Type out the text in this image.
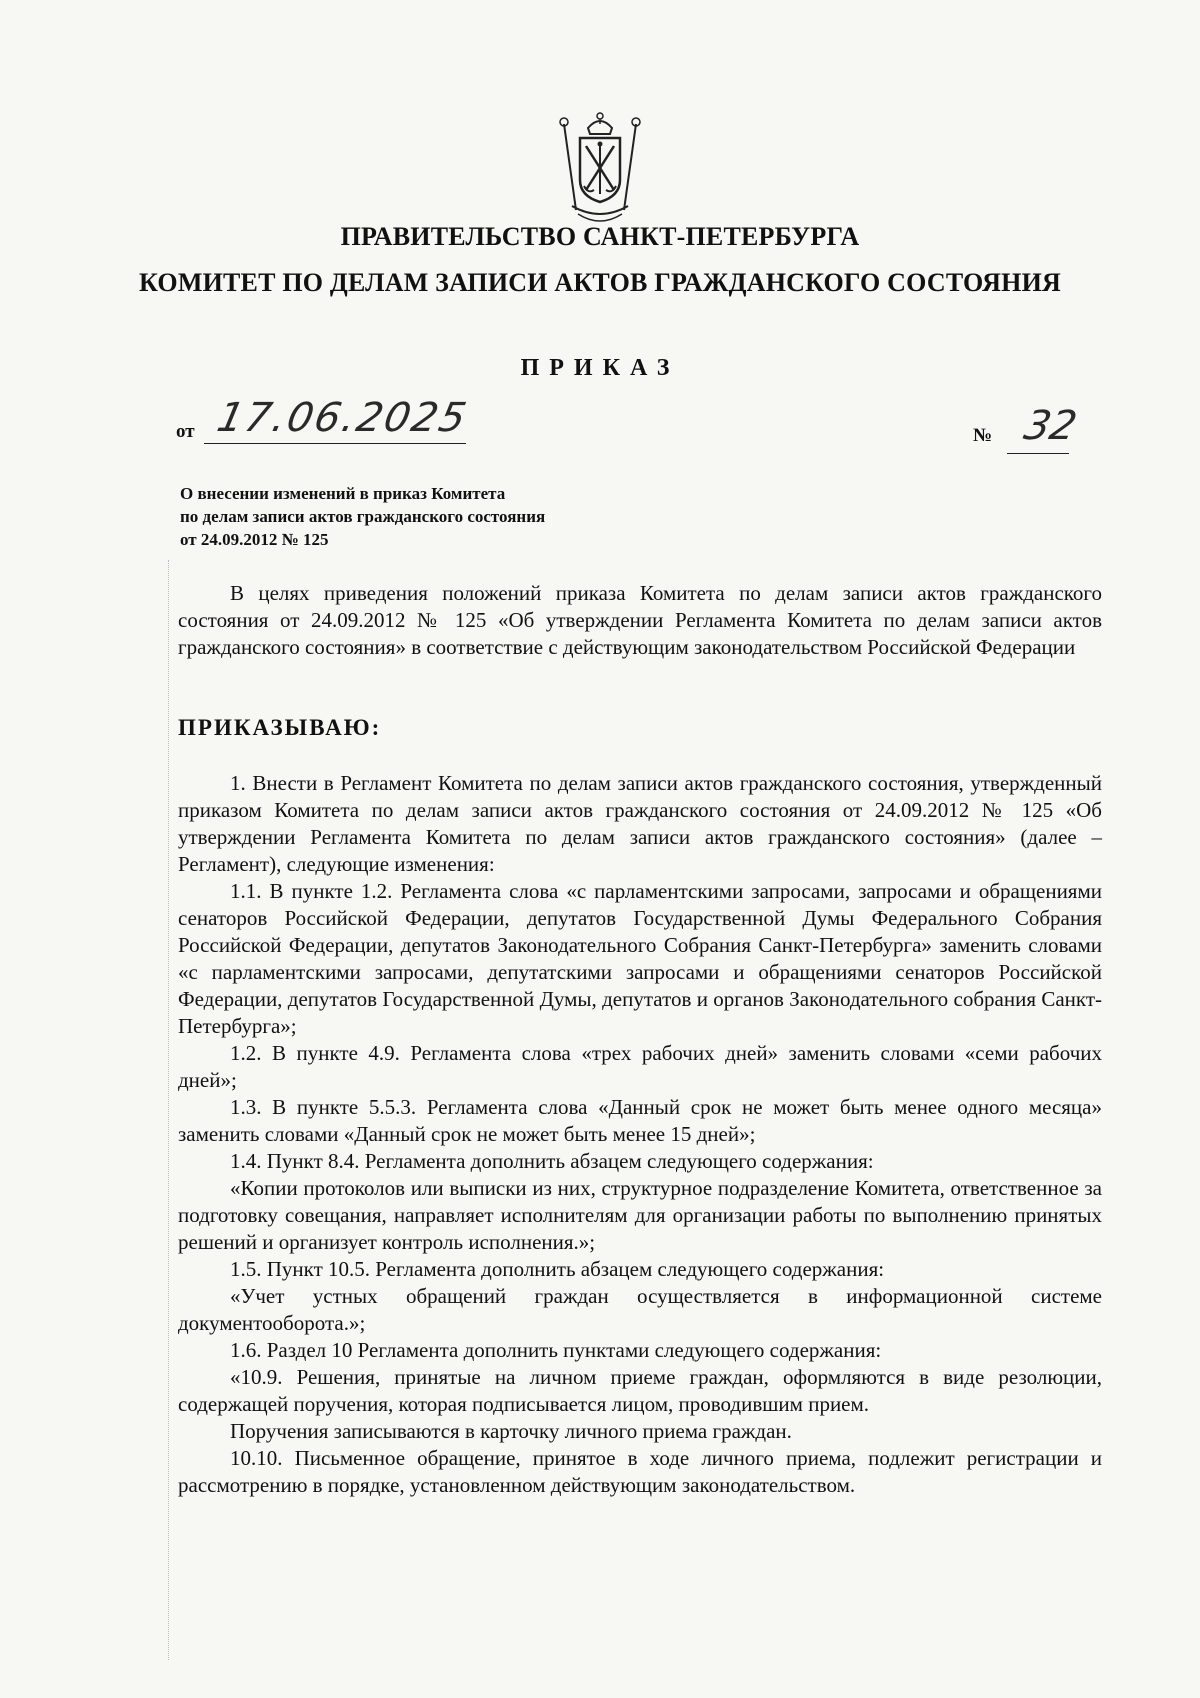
ПРАВИТЕЛЬСТВО САНКТ-ПЕТЕРБУРГА
КОМИТЕТ ПО ДЕЛАМ ЗАПИСИ АКТОВ ГРАЖДАНСКОГО СОСТОЯНИЯ
ПРИКАЗ
от 17.06.2025	№ 32
О внесении изменений в приказ Комитета
по делам записи актов гражданского состояния
от 24.09.2012 № 125

В целях приведения положений приказа Комитета по делам записи актов гражданского состояния от 24.09.2012 № 125 «Об утверждении Регламента Комитета по делам записи актов гражданского состояния» в соответствие с действующим законодательством Российской Федерации

ПРИКАЗЫВАЮ:

1. Внести в Регламент Комитета по делам записи актов гражданского состояния, утвержденный приказом Комитета по делам записи актов гражданского состояния от 24.09.2012 № 125 «Об утверждении Регламента Комитета по делам записи актов гражданского состояния» (далее – Регламент), следующие изменения:

1.1. В пункте 1.2. Регламента слова «с парламентскими запросами, запросами и обращениями сенаторов Российской Федерации, депутатов Государственной Думы Федерального Собрания Российской Федерации, депутатов Законодательного Собрания Санкт-Петербурга» заменить словами «с парламентскими запросами, депутатскими запросами и обращениями сенаторов Российской Федерации, депутатов Государственной Думы, депутатов и органов Законодательного собрания Санкт-Петербурга»;

1.2. В пункте 4.9. Регламента слова «трех рабочих дней» заменить словами «семи рабочих дней»;

1.3. В пункте 5.5.3. Регламента слова «Данный срок не может быть менее одного месяца» заменить словами «Данный срок не может быть менее 15 дней»;

1.4. Пункт 8.4. Регламента дополнить абзацем следующего содержания:

«Копии протоколов или выписки из них, структурное подразделение Комитета, ответственное за подготовку совещания, направляет исполнителям для организации работы по выполнению принятых решений и организует контроль исполнения.»;

1.5. Пункт 10.5. Регламента дополнить абзацем следующего содержания:

«Учет устных обращений граждан осуществляется в информационной системе документооборота.»;

1.6. Раздел 10 Регламента дополнить пунктами следующего содержания:

«10.9. Решения, принятые на личном приеме граждан, оформляются в виде резолюции, содержащей поручения, которая подписывается лицом, проводившим прием.

Поручения записываются в карточку личного приема граждан.

10.10. Письменное обращение, принятое в ходе личного приема, подлежит регистрации и рассмотрению в порядке, установленном действующим законодательством.
